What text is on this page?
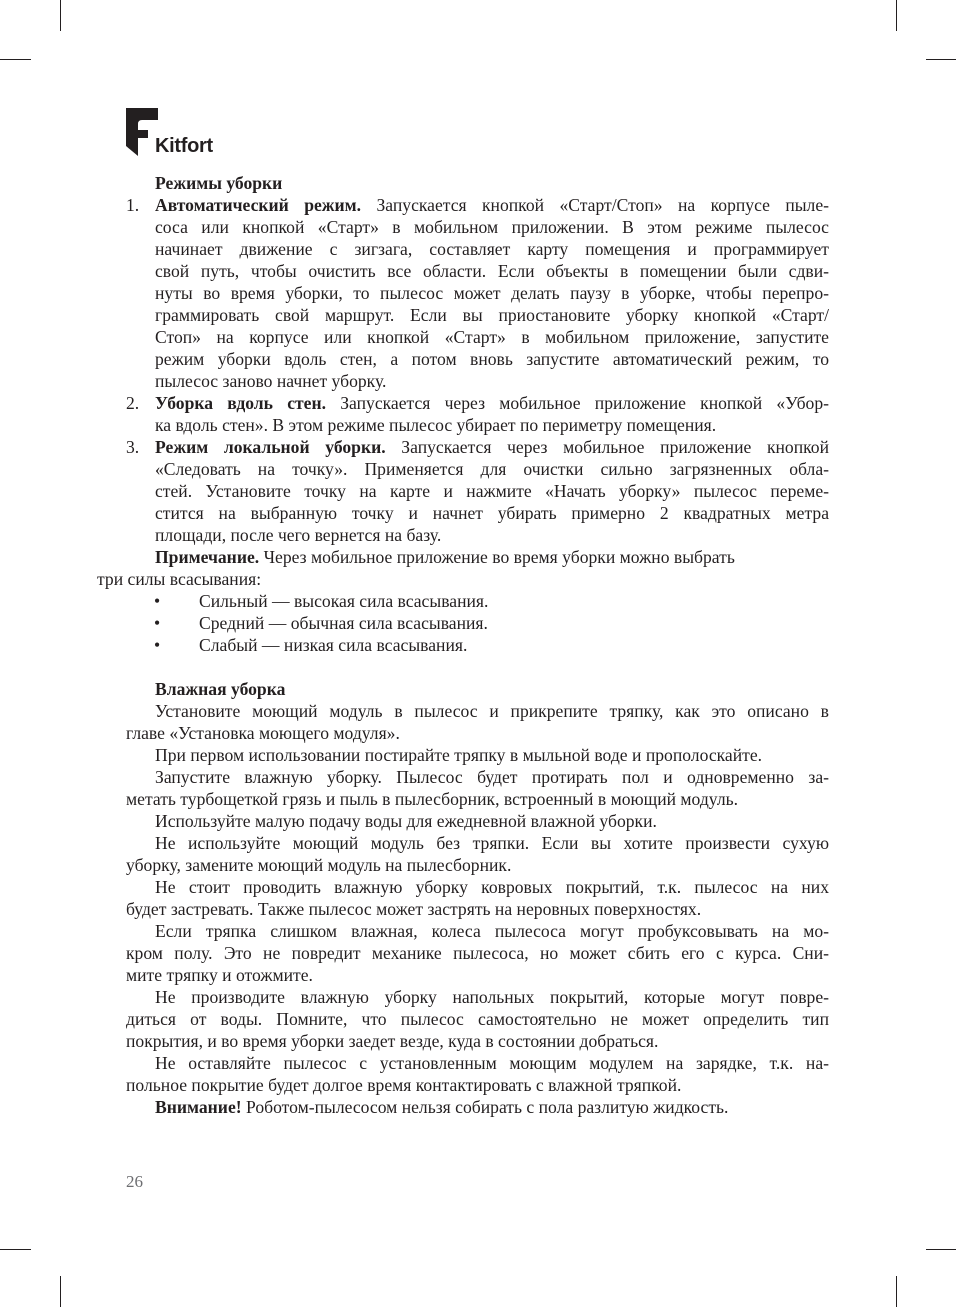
Kitfort

Режимы уборки

1. Автоматический режим. Запускается кнопкой «Старт/Стоп» на корпусе пыле-
соса или кнопкой «Старт» в мобильном приложении. В этом режиме пылесос
начинает движение с зигзага, составляет карту помещения и программирует
свой путь, чтобы очистить все области. Если объекты в помещении были сдви-
нуты во время уборки, то пылесос может делать паузу в уборке, чтобы перепро-
граммировать свой маршрут. Если вы приостановите уборку кнопкой «Старт/
Стоп» на корпусе или кнопкой «Старт» в мобильном приложение, запустите
режим уборки вдоль стен, а потом вновь запустите автоматический режим, то
пылесос заново начнет уборку.
2. Уборка вдоль стен. Запускается через мобильное приложение кнопкой «Убор-
ка вдоль стен». В этом режиме пылесос убирает по периметру помещения.
3. Режим локальной уборки. Запускается через мобильное приложение кнопкой
«Следовать на точку». Применяется для очистки сильно загрязненных обла-
стей. Установите точку на карте и нажмите «Начать уборку» пылесос переме-
стится на выбранную точку и начнет убирать примерно 2 квадратных метра
площади, после чего вернется на базу.

Примечание. Через мобильное приложение во время уборки можно выбрать
три силы всасывания:

• Сильный — высокая сила всасывания.
• Средний — обычная сила всасывания.
• Слабый — низкая сила всасывания.

Влажная уборка

Установите моющий модуль в пылесос и прикрепите тряпку, как это описано в
главе «Установка моющего модуля».
При первом использовании постирайте тряпку в мыльной воде и прополоскайте.
Запустите влажную уборку. Пылесос будет протирать пол и одновременно за-
метать турбощеткой грязь и пыль в пылесборник, встроенный в моющий модуль.
Используйте малую подачу воды для ежедневной влажной уборки.
Не используйте моющий модуль без тряпки. Если вы хотите произвести сухую
уборку, замените моющий модуль на пылесборник.
Не стоит проводить влажную уборку ковровых покрытий, т.к. пылесос на них
будет застревать. Также пылесос может застрять на неровных поверхностях.
Если тряпка слишком влажная, колеса пылесоса могут пробуксовывать на мо-
кром полу. Это не повредит механике пылесоса, но может сбить его с курса. Сни-
мите тряпку и отожмите.
Не производите влажную уборку напольных покрытий, которые могут повре-
диться от воды. Помните, что пылесос самостоятельно не может определить тип
покрытия, и во время уборки заедет везде, куда в состоянии добраться.
Не оставляйте пылесос с установленным моющим модулем на зарядке, т.к. на-
польное покрытие будет долгое время контактировать с влажной тряпкой.

Внимание! Роботом-пылесосом нельзя собирать с пола разлитую жидкость.

26
